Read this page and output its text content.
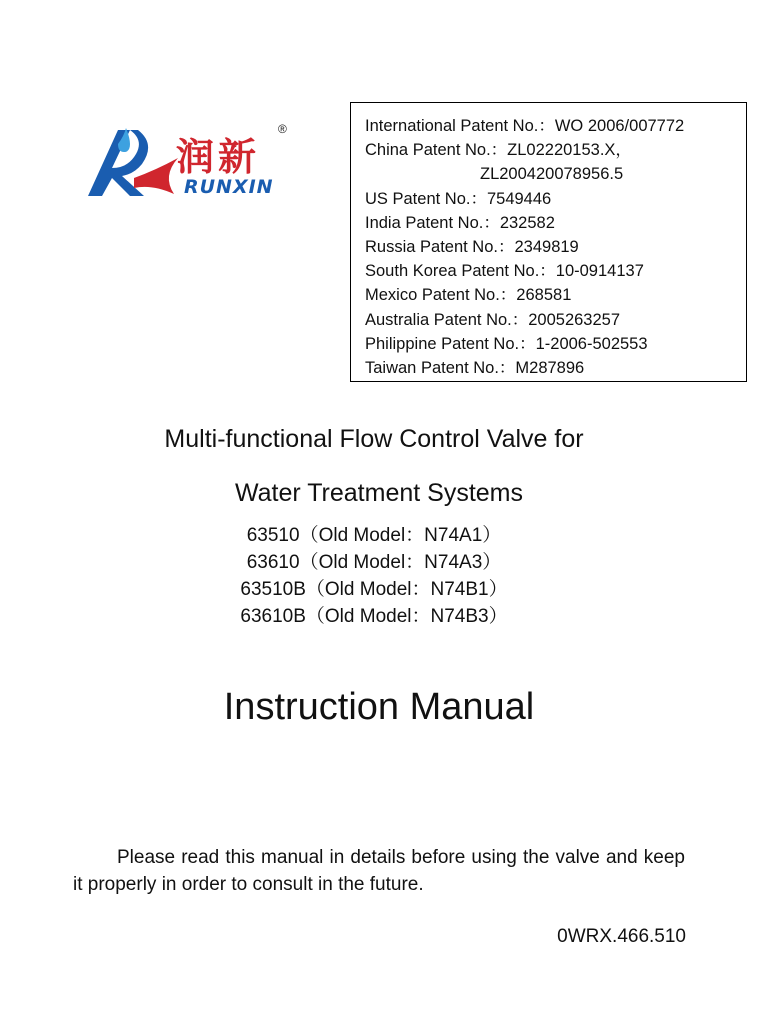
润新
®
RUNXIN
International Patent No.：WO 2006/007772
China Patent No.：ZL02220153.X，
ZL200420078956.5
US Patent No.：7549446
India Patent No.：232582
Russia Patent No.：2349819
South Korea Patent No.：10-0914137
Mexico Patent No.：268581
Australia Patent No.：2005263257
Philippine Patent No.：1-2006-502553
Taiwan Patent No.：M287896
Multi-functional Flow Control Valve for
Water Treatment Systems
63510（Old Model：N74A1）
63610（Old Model：N74A3）
63510B（Old Model：N74B1）
63610B（Old Model：N74B3）
Instruction Manual
Please read this manual in details before using the valve and keep it properly in order to consult in the future.
0WRX.466.510
